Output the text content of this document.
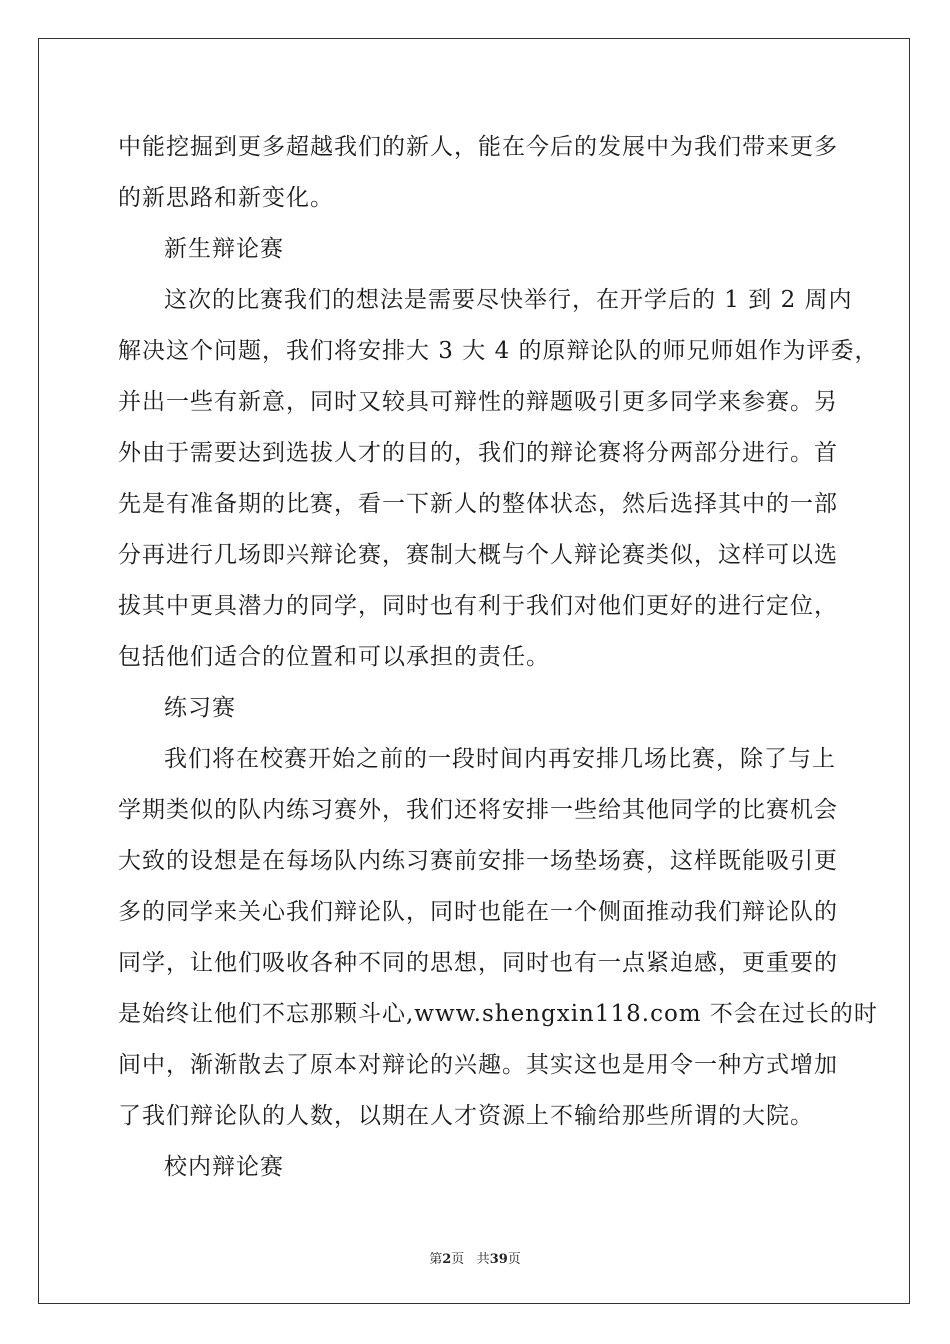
中能挖掘到更多超越我们的新人，能在今后的发展中为我们带来更多
的新思路和新变化。
新生辩论赛
这次的比赛我们的想法是需要尽快举行，在开学后的 1 到 2 周内
解决这个问题，我们将安排大 3 大 4 的原辩论队的师兄师姐作为评委，
并出一些有新意，同时又较具可辩性的辩题吸引更多同学来参赛。另
外由于需要达到选拔人才的目的，我们的辩论赛将分两部分进行。首
先是有准备期的比赛，看一下新人的整体状态，然后选择其中的一部
分再进行几场即兴辩论赛，赛制大概与个人辩论赛类似，这样可以选
拔其中更具潜力的同学，同时也有利于我们对他们更好的进行定位，
包括他们适合的位置和可以承担的责任。
练习赛
我们将在校赛开始之前的一段时间内再安排几场比赛，除了与上
学期类似的队内练习赛外，我们还将安排一些给其他同学的比赛机会
大致的设想是在每场队内练习赛前安排一场垫场赛，这样既能吸引更
多的同学来关心我们辩论队，同时也能在一个侧面推动我们辩论队的
同学，让他们吸收各种不同的思想，同时也有一点紧迫感，更重要的
是始终让他们不忘那颗斗心,www.shengxin118.com 不会在过长的时
间中，渐渐散去了原本对辩论的兴趣。其实这也是用令一种方式增加
了我们辩论队的人数，以期在人才资源上不输给那些所谓的大院。
校内辩论赛
第2页 共39页
